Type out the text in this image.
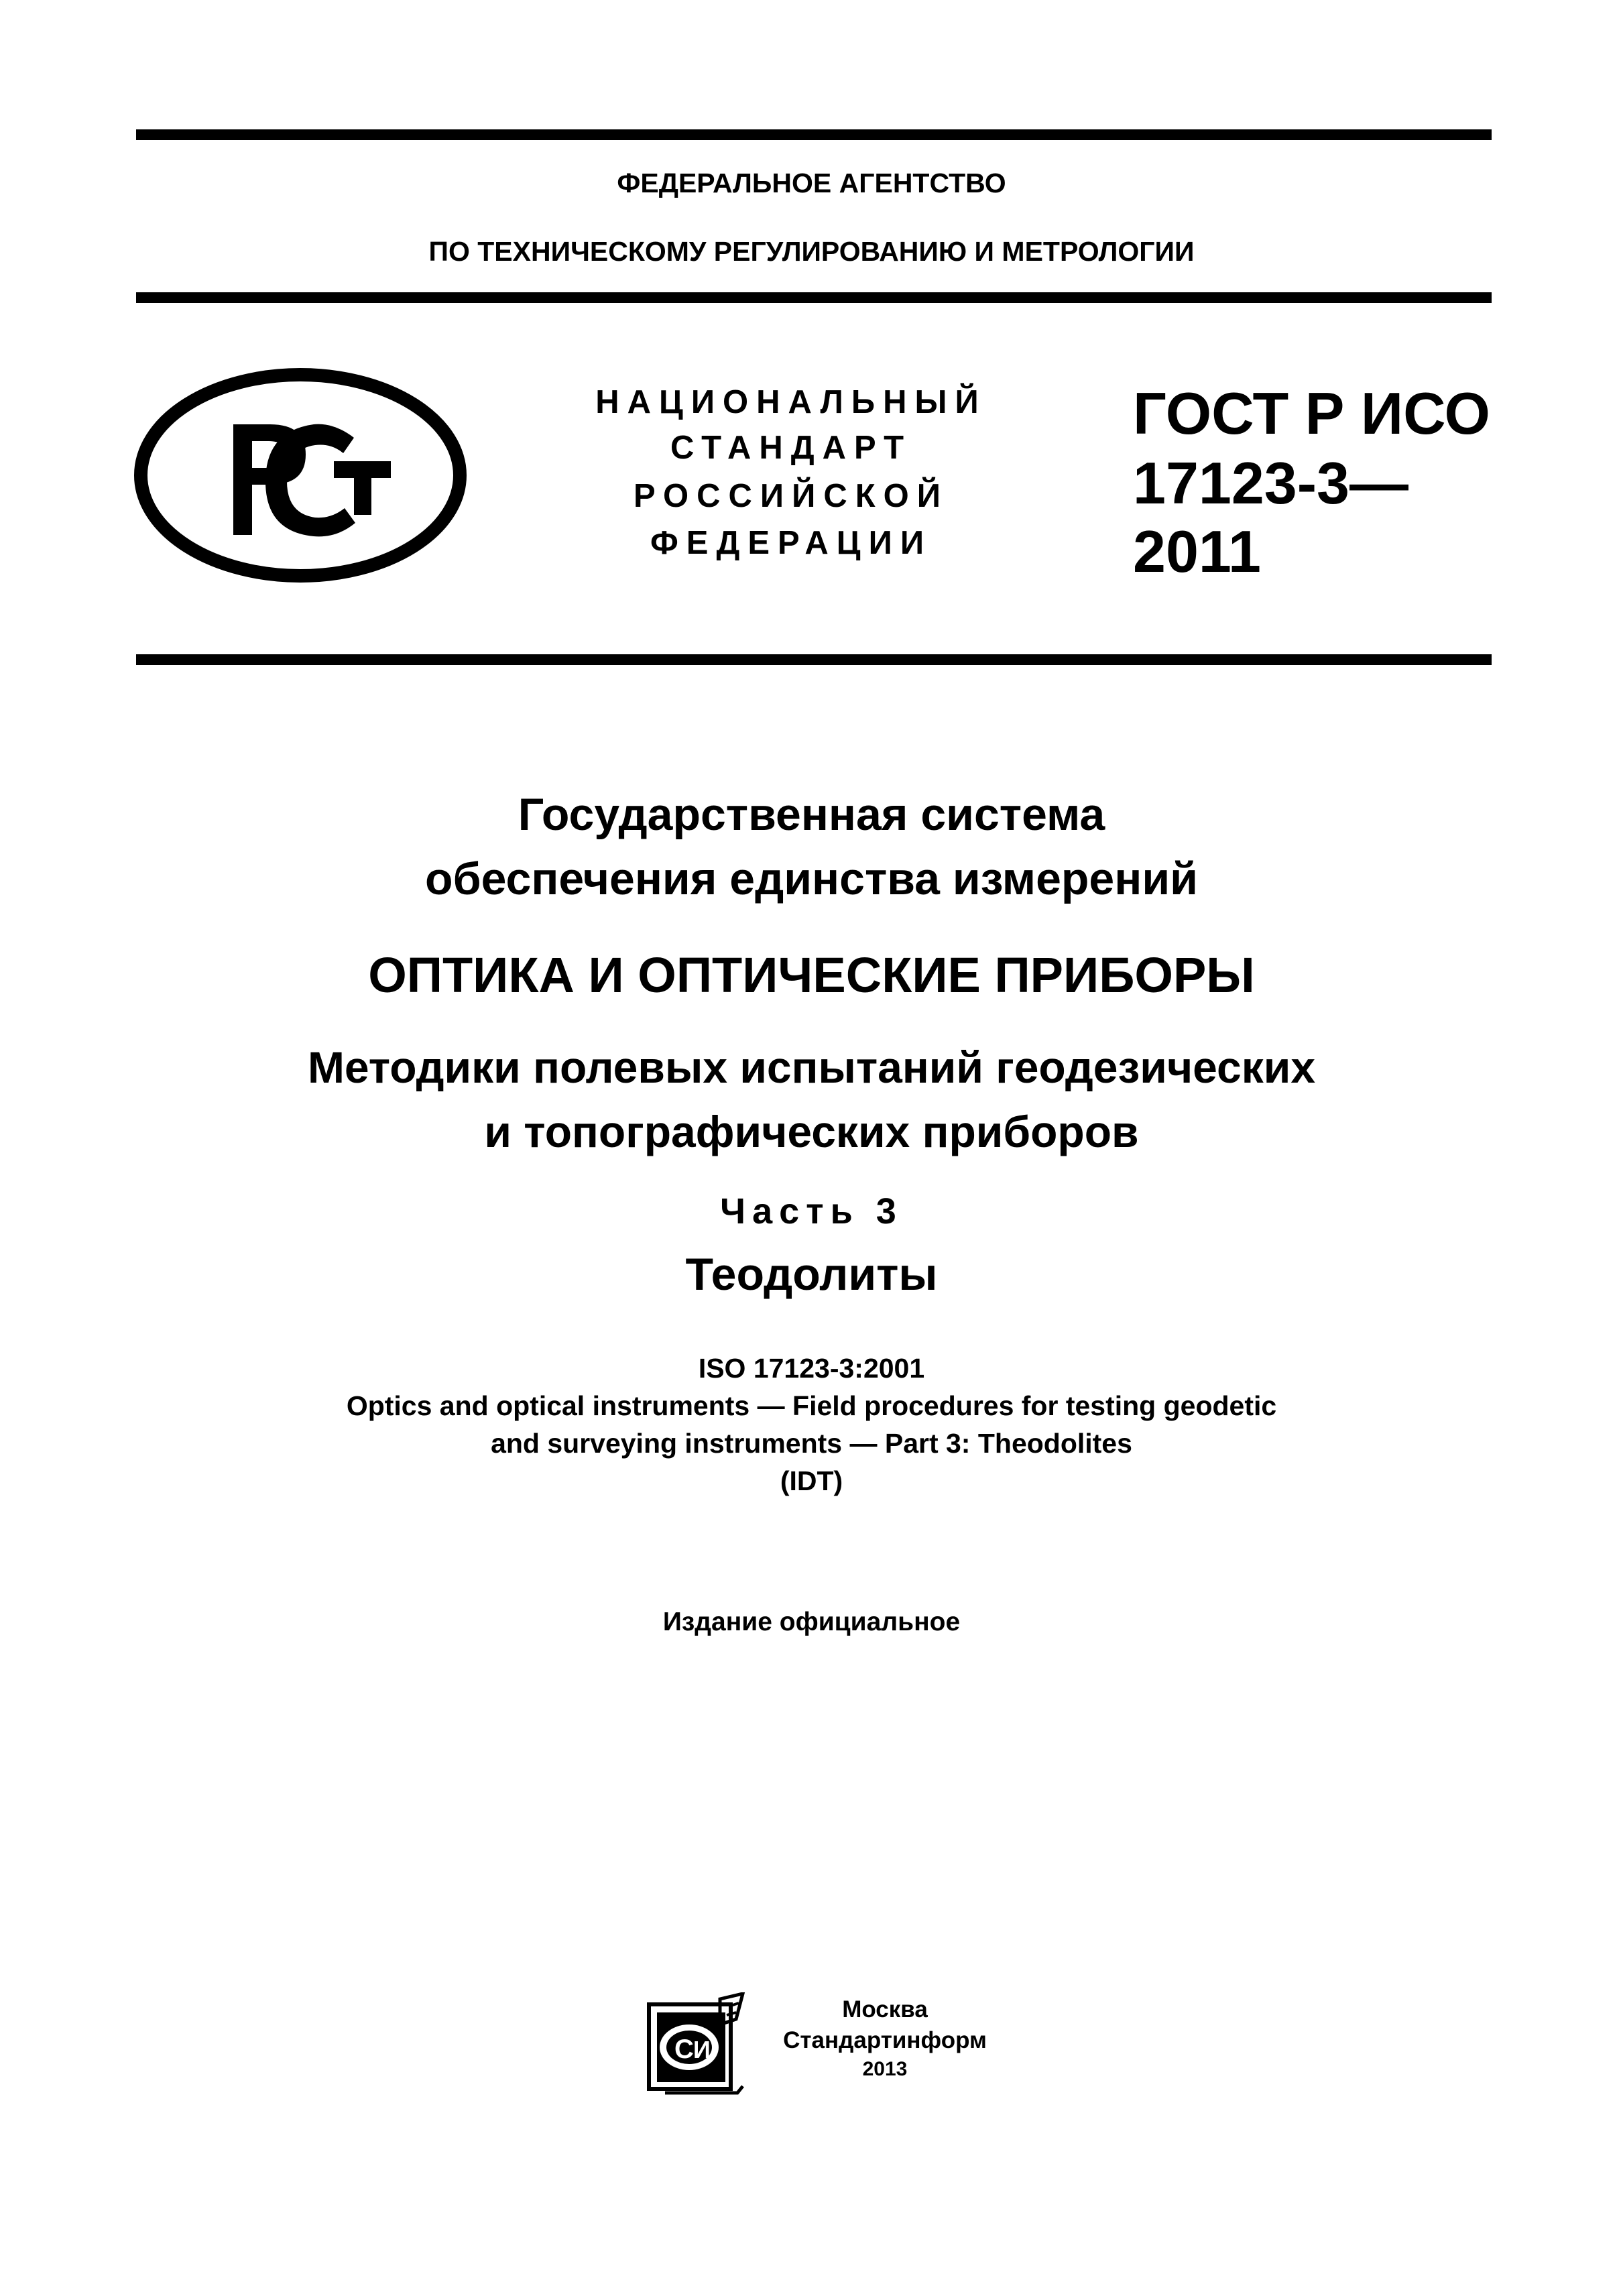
ФЕДЕРАЛЬНОЕ АГЕНТСТВО
ПО ТЕХНИЧЕСКОМУ РЕГУЛИРОВАНИЮ И МЕТРОЛОГИИ
НАЦИОНАЛЬНЫЙ
СТАНДАРТ
РОССИЙСКОЙ
ФЕДЕРАЦИИ
ГОСТ Р ИСО
17123-3—
2011
Государственная система
обеспечения единства измерений
ОПТИКА И ОПТИЧЕСКИЕ ПРИБОРЫ
Методики полевых испытаний геодезических
и топографических приборов
Часть 3
Теодолиты
ISO 17123-3:2001
Optics and optical instruments — Field procedures for testing geodetic
and surveying instruments — Part 3: Theodolites
(IDT)
Издание официальное
С И
Москва
Стандартинформ
2013
